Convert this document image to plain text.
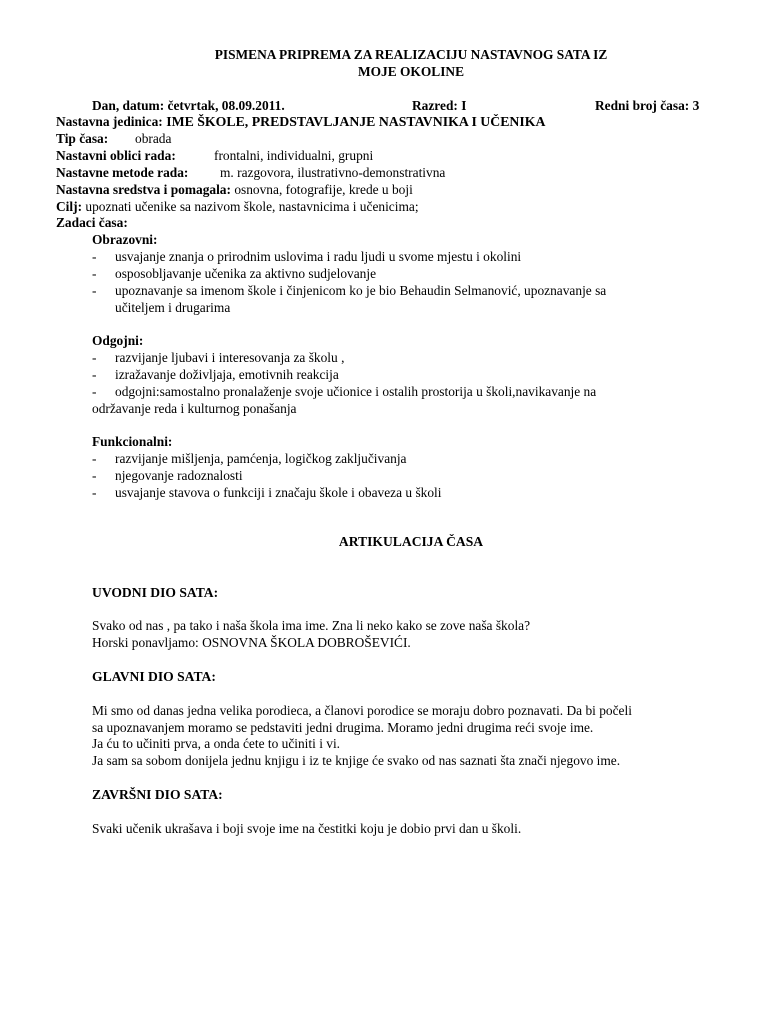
PISMENA PRIPREMA ZA REALIZACIJU NASTAVNOG SATA IZ
MOJE OKOLINE
Dan, datum: četvrtak, 08.09.2011.	Razred: I	Redni broj časa: 3
Nastavna jedinica: IME ŠKOLE, PREDSTAVLJANJE NASTAVNIKA I UČENIKA
Tip časa: obrada
Nastavni oblici rada:	frontalni, individualni, grupni
Nastavne metode rada: m. razgovora, ilustrativno-demonstrativna
Nastavna sredstva i pomagala: osnovna, fotografije, krede u boji
Cilj: upoznati učenike sa nazivom škole, nastavnicima i učenicima;
Zadaci časa:
Obrazovni:
- usvajanje znanja o prirodnim uslovima i radu ljudi u svome mjestu i okolini
- osposobljavanje učenika za aktivno sudjelovanje
- upoznavanje sa imenom škole i činjenicom ko je bio Behaudin Selmanović, upoznavanje sa
učiteljem i drugarima
Odgojni:
- razvijanje ljubavi i interesovanja za školu ,
- izražavanje doživljaja, emotivnih reakcija
- odgojni:samostalno pronalaženje svoje učionice i ostalih prostorija u školi,navikavanje na
održavanje reda i kulturnog ponašanja
Funkcionalni:
- razvijanje mišljenja, pamćenja, logičkog zaključivanja
- njegovanje radoznalosti
- usvajanje stavova o funkciji i značaju škole i obaveza u školi
ARTIKULACIJA ČASA
UVODNI DIO SATA:
Svako od nas , pa tako i naša škola ima ime. Zna li neko kako se zove naša škola?
Horski ponavljamo: OSNOVNA ŠKOLA DOBROŠEVIĆI.
GLAVNI DIO SATA:
Mi smo od danas jedna velika porodieca, a članovi porodice se moraju dobro poznavati. Da bi počeli
sa upoznavanjem moramo se pedstaviti jedni drugima. Moramo jedni drugima reći svoje ime.
Ja ću to učiniti prva, a onda ćete to učiniti i vi.
Ja sam sa sobom donijela jednu knjigu i iz te knjige će svako od nas saznati šta znači njegovo ime.
ZAVRŠNI DIO SATA:
Svaki učenik ukrašava i boji svoje ime na čestitki koju je dobio prvi dan u školi.
